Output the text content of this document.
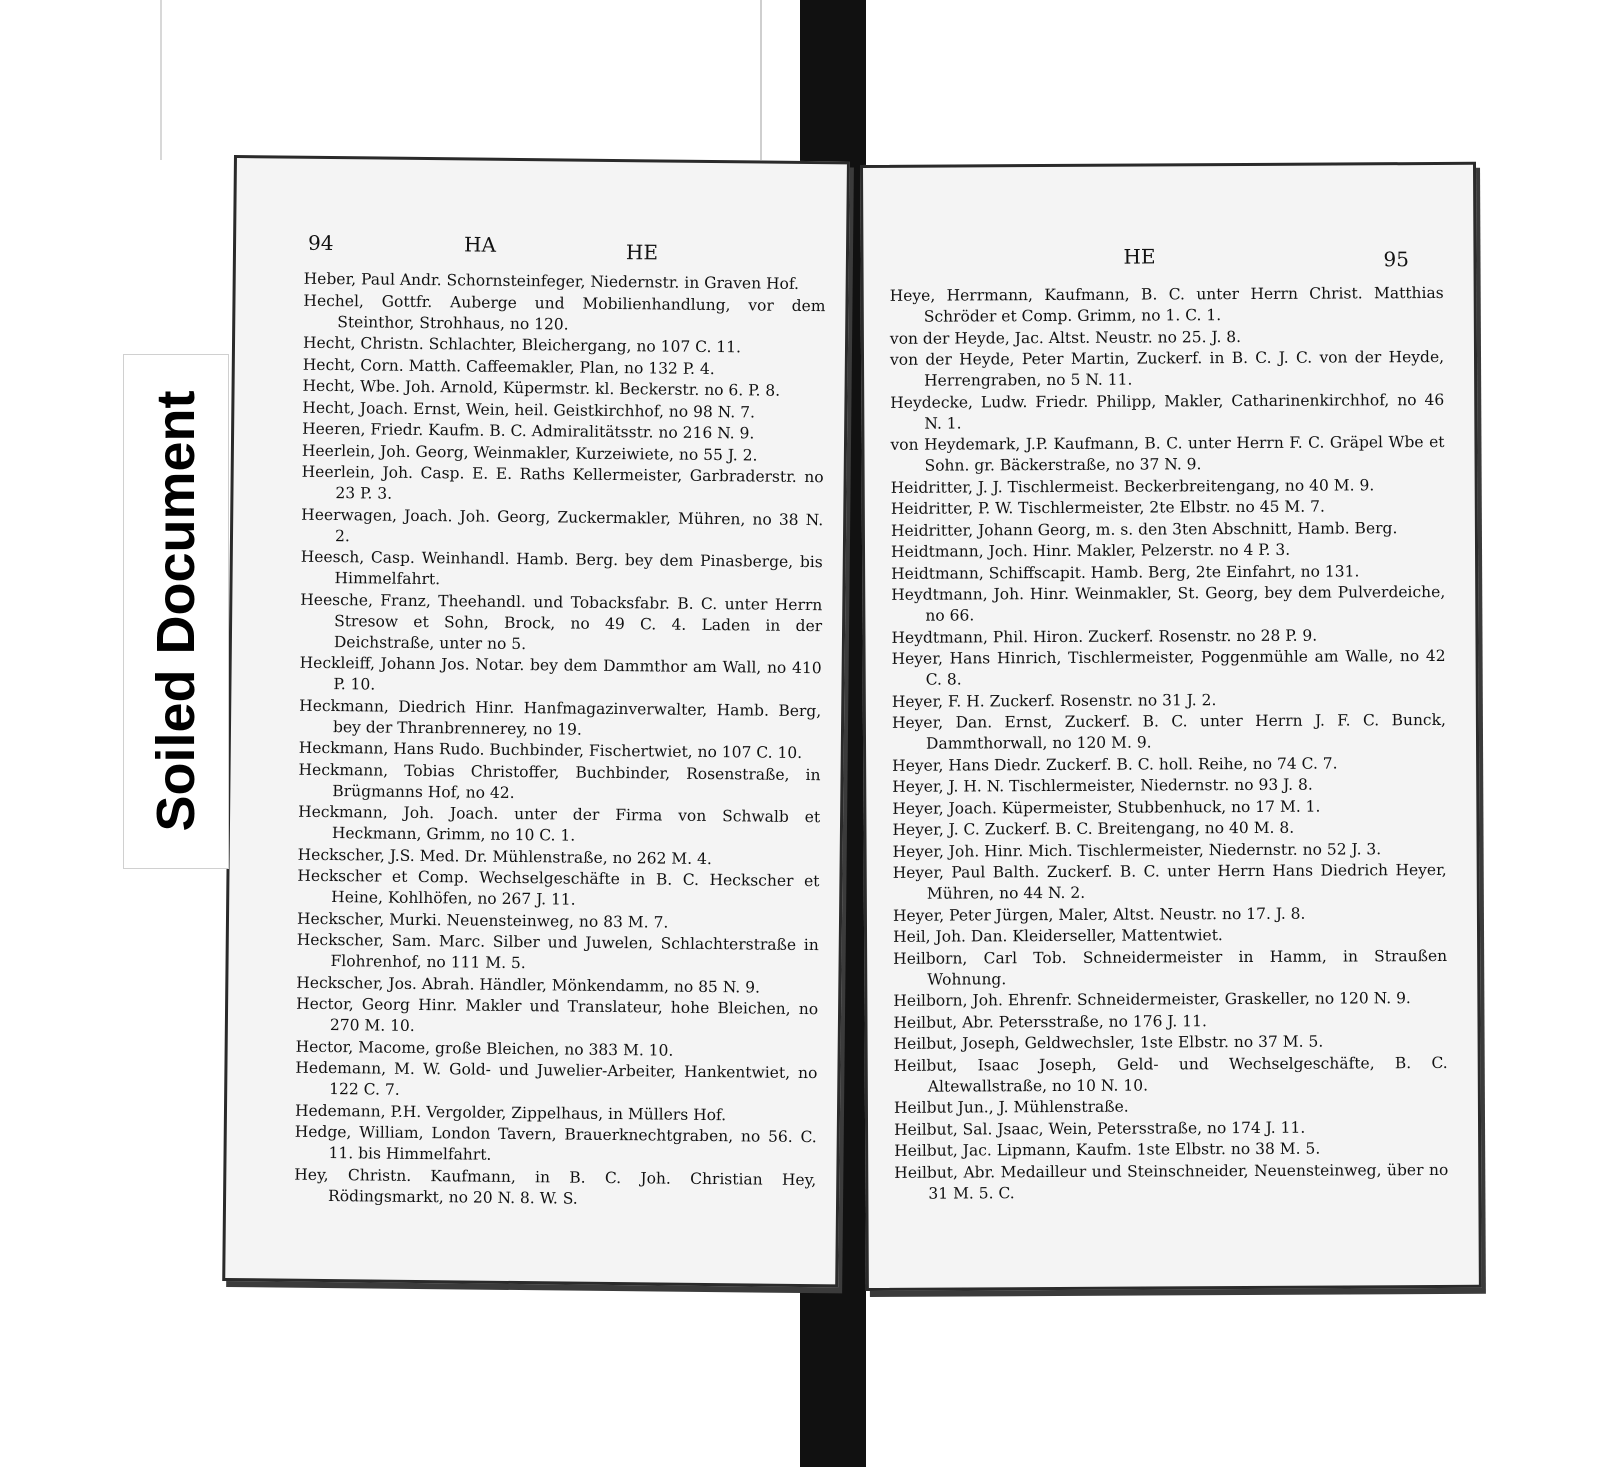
94	HA	HE
Heber, Paul Andr. Schornsteinfeger, Niedernstr. in Graven Hof.
Hechel, Gottfr. Auberge und Mobilienhandlung, vor dem Steinthor, Strohhaus, no 120.
Hecht, Christn. Schlachter, Bleichergang, no 107 C. 11.
Hecht, Corn. Matth. Caffeemakler, Plan, no 132 P. 4.
Hecht, Wbe. Joh. Arnold, Küpermstr. kl. Beckerstr. no 6. P. 8.
Hecht, Joach. Ernst, Wein, heil. Geistkirchhof, no 98 N. 7.
Heeren, Friedr. Kaufm. B. C. Admiralitätsstr. no 216 N. 9.
Heerlein, Joh. Georg, Weinmakler, Kurzeiwiete, no 55 J. 2.
Heerlein, Joh. Casp. E. E. Raths Kellermeister, Garbraderstr. no 23 P. 3.
Heerwagen, Joach. Joh. Georg, Zuckermakler, Mühren, no 38 N. 2.
Heesch, Casp. Weinhandl. Hamb. Berg. bey dem Pinasberge, bis Himmelfahrt.
Heesche, Franz, Theehandl. und Tobacksfabr. B. C. unter Herrn Stresow et Sohn, Brock, no 49 C. 4. Laden in der Deichstraße, unter no 5.
Heckleiff, Johann Jos. Notar. bey dem Dammthor am Wall, no 410 P. 10.
Heckmann, Diedrich Hinr. Hanfmagazinverwalter, Hamb. Berg, bey der Thranbrennerey, no 19.
Heckmann, Hans Rudo. Buchbinder, Fischertwiet, no 107 C. 10.
Heckmann, Tobias Christoffer, Buchbinder, Rosenstraße, in Brügmanns Hof, no 42.
Heckmann, Joh. Joach. unter der Firma von Schwalb et Heckmann, Grimm, no 10 C. 1.
Heckscher, J.S. Med. Dr. Mühlenstraße, no 262 M. 4.
Heckscher et Comp. Wechselgeschäfte in B. C. Heckscher et Heine, Kohlhöfen, no 267 J. 11.
Heckscher, Murki. Neuensteinweg, no 83 M. 7.
Heckscher, Sam. Marc. Silber und Juwelen, Schlachterstraße in Flohrenhof, no 111 M. 5.
Heckscher, Jos. Abrah. Händler, Mönkendamm, no 85 N. 9.
Hector, Georg Hinr. Makler und Translateur, hohe Bleichen, no 270 M. 10.
Hector, Macome, große Bleichen, no 383 M. 10.
Hedemann, M. W. Gold- und Juwelier-Arbeiter, Hankentwiet, no 122 C. 7.
Hedemann, P.H. Vergolder, Zippelhaus, in Müllers Hof.
Hedge, William, London Tavern, Brauerknechtgraben, no 56. C. 11. bis Himmelfahrt.
Hey, Christn. Kaufmann, in B. C. Joh. Christian Hey, Rödingsmarkt, no 20 N. 8. W. S.
HE	95
Heye, Herrmann, Kaufmann, B. C. unter Herrn Christ. Matthias Schröder et Comp. Grimm, no 1. C. 1.
von der Heyde, Jac. Altst. Neustr. no 25. J. 8.
von der Heyde, Peter Martin, Zuckerf. in B. C. J. C. von der Heyde, Herrengraben, no 5 N. 11.
Heydecke, Ludw. Friedr. Philipp, Makler, Catharinenkirchhof, no 46 N. 1.
von Heydemark, J.P. Kaufmann, B. C. unter Herrn F. C. Gräpel Wbe et Sohn. gr. Bäckerstraße, no 37 N. 9.
Heidritter, J. J. Tischlermeist. Beckerbreitengang, no 40 M. 9.
Heidritter, P. W. Tischlermeister, 2te Elbstr. no 45 M. 7.
Heidritter, Johann Georg, m. s. den 3ten Abschnitt, Hamb. Berg.
Heidtmann, Joch. Hinr. Makler, Pelzerstr. no 4 P. 3.
Heidtmann, Schiffscapit. Hamb. Berg, 2te Einfahrt, no 131.
Heydtmann, Joh. Hinr. Weinmakler, St. Georg, bey dem Pulverdeiche, no 66.
Heydtmann, Phil. Hiron. Zuckerf. Rosenstr. no 28 P. 9.
Heyer, Hans Hinrich, Tischlermeister, Poggenmühle am Walle, no 42 C. 8.
Heyer, F. H. Zuckerf. Rosenstr. no 31 J. 2.
Heyer, Dan. Ernst, Zuckerf. B. C. unter Herrn J. F. C. Bunck, Dammthorwall, no 120 M. 9.
Heyer, Hans Diedr. Zuckerf. B. C. holl. Reihe, no 74 C. 7.
Heyer, J. H. N. Tischlermeister, Niedernstr. no 93 J. 8.
Heyer, Joach. Küpermeister, Stubbenhuck, no 17 M. 1.
Heyer, J. C. Zuckerf. B. C. Breitengang, no 40 M. 8.
Heyer, Joh. Hinr. Mich. Tischlermeister, Niedernstr. no 52 J. 3.
Heyer, Paul Balth. Zuckerf. B. C. unter Herrn Hans Diedrich Heyer, Mühren, no 44 N. 2.
Heyer, Peter Jürgen, Maler, Altst. Neustr. no 17. J. 8.
Heil, Joh. Dan. Kleiderseller, Mattentwiet.
Heilborn, Carl Tob. Schneidermeister in Hamm, in Straußen Wohnung.
Heilborn, Joh. Ehrenfr. Schneidermeister, Graskeller, no 120 N. 9.
Heilbut, Abr. Petersstraße, no 176 J. 11.
Heilbut, Joseph, Geldwechsler, 1ste Elbstr. no 37 M. 5.
Heilbut, Isaac Joseph, Geld- und Wechselgeschäfte, B. C. Altewallstraße, no 10 N. 10.
Heilbut Jun., J. Mühlenstraße.
Heilbut, Sal. Jsaac, Wein, Petersstraße, no 174 J. 11.
Heilbut, Jac. Lipmann, Kaufm. 1ste Elbstr. no 38 M. 5.
Heilbut, Abr. Medailleur und Steinschneider, Neuensteinweg, über no 31 M. 5. C.
Soiled Document
